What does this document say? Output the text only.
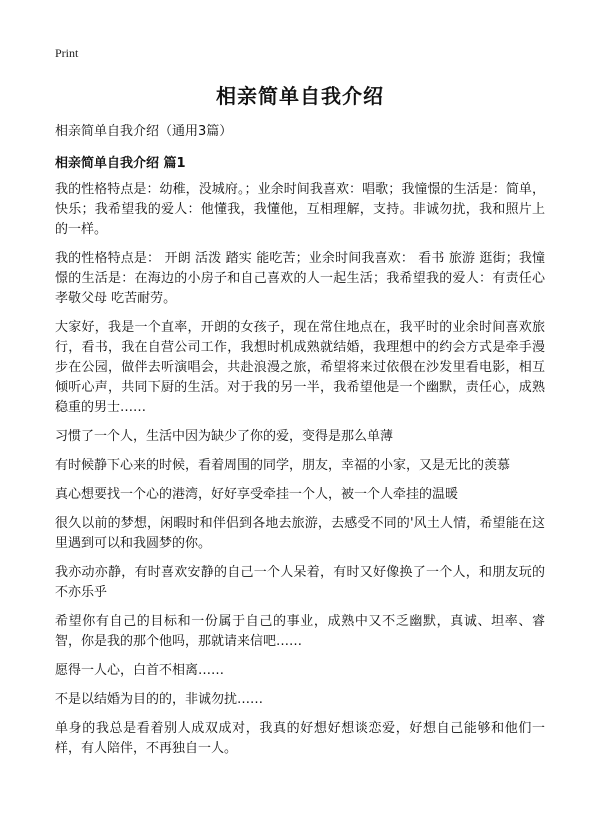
Print
相亲简单自我介绍
相亲简单自我介绍（通用3篇）
相亲简单自我介绍 篇1

我的性格特点是：幼稚，没城府。；业余时间我喜欢：唱歌；我憧憬的生活是：简单，快乐；我希望我的爱人：他懂我，我懂他，互相理解，支持。非诚勿扰，我和照片上的一样。

我的性格特点是： 开朗 活泼 踏实 能吃苦；业余时间我喜欢： 看书 旅游 逛街；我憧憬的生活是：在海边的小房子和自己喜欢的人一起生活；我希望我的爱人：有责任心 孝敬父母 吃苦耐劳。

大家好，我是一个直率，开朗的女孩子，现在常住地点在，我平时的业余时间喜欢旅行，看书，我在自营公司工作，我想时机成熟就结婚，我理想中的约会方式是牵手漫步在公园，做伴去听演唱会，共赴浪漫之旅，希望将来过依偎在沙发里看电影，相互倾听心声，共同下厨的生活。对于我的另一半，我希望他是一个幽默，责任心，成熟稳重的男士……

习惯了一个人，生活中因为缺少了你的爱，变得是那么单薄

有时候静下心来的时候，看着周围的同学，朋友，幸福的小家，又是无比的羡慕

真心想要找一个心的港湾，好好享受牵挂一个人，被一个人牵挂的温暖

很久以前的梦想，闲暇时和伴侣到各地去旅游，去感受不同的'风土人情，希望能在这里遇到可以和我圆梦的你。

我亦动亦静，有时喜欢安静的自己一个人呆着，有时又好像换了一个人，和朋友玩的不亦乐乎

希望你有自己的目标和一份属于自己的事业，成熟中又不乏幽默，真诚、坦率、睿智，你是我的那个他吗，那就请来信吧……

愿得一人心，白首不相离……

不是以结婚为目的的，非诚勿扰……

单身的我总是看着别人成双成对，我真的好想好想谈恋爱，好想自己能够和他们一样，有人陪伴，不再独自一人。
